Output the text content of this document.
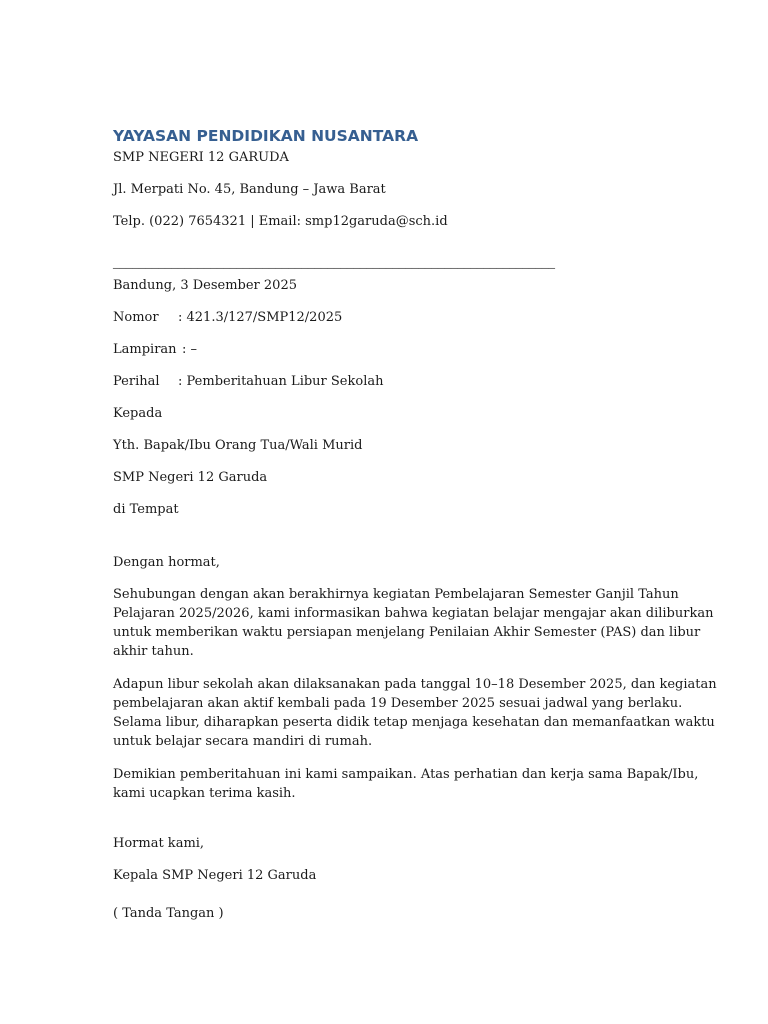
YAYASAN PENDIDIKAN NUSANTARA
SMP NEGERI 12 GARUDA
Jl. Merpati No. 45, Bandung – Jawa Barat
Telp. (022) 7654321 | Email: smp12garuda@sch.id
____________________________________________________________________
Bandung, 3 Desember 2025
Nomor : 421.3/127/SMP12/2025
Lampiran : –
Perihal : Pemberitahuan Libur Sekolah
Kepada
Yth. Bapak/Ibu Orang Tua/Wali Murid
SMP Negeri 12 Garuda
di Tempat
Dengan hormat,
Sehubungan dengan akan berakhirnya kegiatan Pembelajaran Semester Ganjil Tahun
Pelajaran 2025/2026, kami informasikan bahwa kegiatan belajar mengajar akan diliburkan
untuk memberikan waktu persiapan menjelang Penilaian Akhir Semester (PAS) dan libur
akhir tahun.
Adapun libur sekolah akan dilaksanakan pada tanggal 10–18 Desember 2025, dan kegiatan
pembelajaran akan aktif kembali pada 19 Desember 2025 sesuai jadwal yang berlaku.
Selama libur, diharapkan peserta didik tetap menjaga kesehatan dan memanfaatkan waktu
untuk belajar secara mandiri di rumah.
Demikian pemberitahuan ini kami sampaikan. Atas perhatian dan kerja sama Bapak/Ibu,
kami ucapkan terima kasih.
Hormat kami,
Kepala SMP Negeri 12 Garuda
( Tanda Tangan )
